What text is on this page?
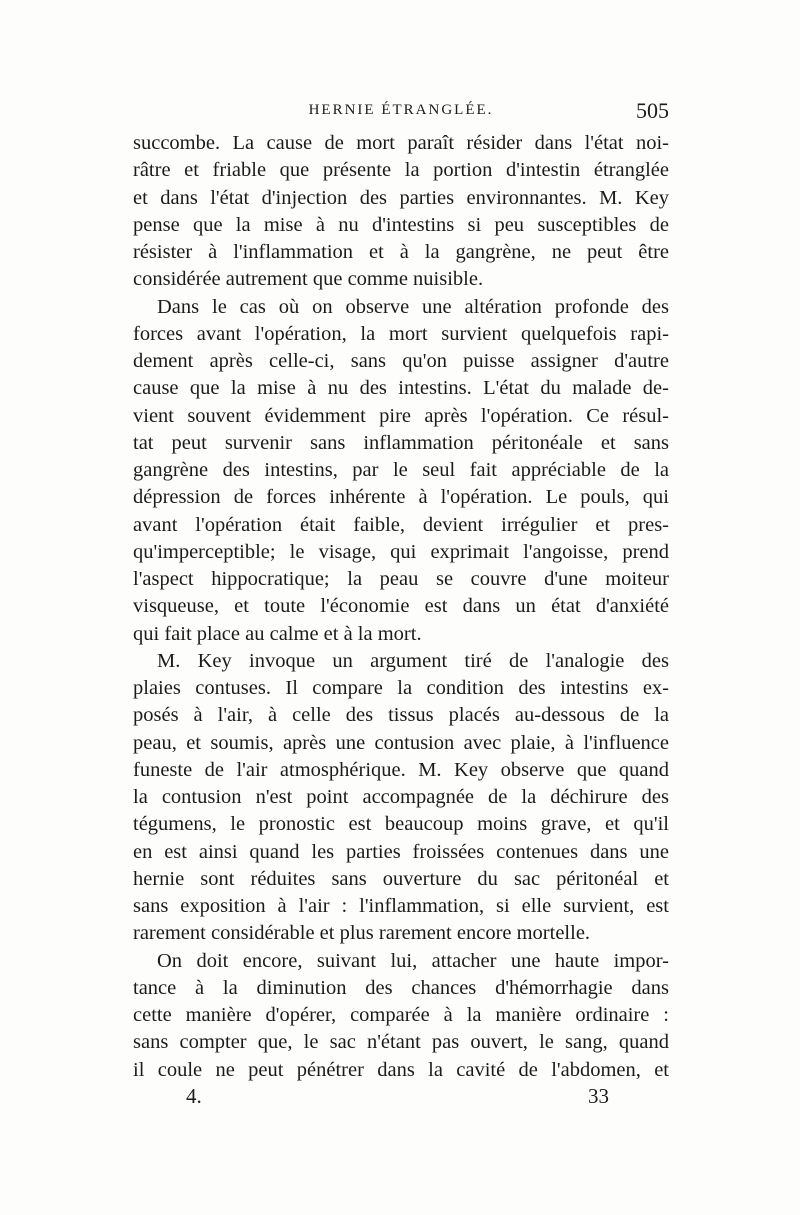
HERNIE ÉTRANGLÉE.	505
succombe. La cause de mort paraît résider dans l'état noi-
râtre et friable que présente la portion d'intestin étranglée
et dans l'état d'injection des parties environnantes. M. Key
pense que la mise à nu d'intestins si peu susceptibles de
résister à l'inflammation et à la gangrène, ne peut être
considérée autrement que comme nuisible.
Dans le cas où on observe une altération profonde des
forces avant l'opération, la mort survient quelquefois rapi-
dement après celle-ci, sans qu'on puisse assigner d'autre
cause que la mise à nu des intestins. L'état du malade de-
vient souvent évidemment pire après l'opération. Ce résul-
tat peut survenir sans inflammation péritonéale et sans
gangrène des intestins, par le seul fait appréciable de la
dépression de forces inhérente à l'opération. Le pouls, qui
avant l'opération était faible, devient irrégulier et pres-
qu'imperceptible; le visage, qui exprimait l'angoisse, prend
l'aspect hippocratique; la peau se couvre d'une moiteur
visqueuse, et toute l'économie est dans un état d'anxiété
qui fait place au calme et à la mort.
M. Key invoque un argument tiré de l'analogie des
plaies contuses. Il compare la condition des intestins ex-
posés à l'air, à celle des tissus placés au-dessous de la
peau, et soumis, après une contusion avec plaie, à l'influence
funeste de l'air atmosphérique. M. Key observe que quand
la contusion n'est point accompagnée de la déchirure des
tégumens, le pronostic est beaucoup moins grave, et qu'il
en est ainsi quand les parties froissées contenues dans une
hernie sont réduites sans ouverture du sac péritonéal et
sans exposition à l'air : l'inflammation, si elle survient, est
rarement considérable et plus rarement encore mortelle.
On doit encore, suivant lui, attacher une haute impor-
tance à la diminution des chances d'hémorrhagie dans
cette manière d'opérer, comparée à la manière ordinaire :
sans compter que, le sac n'étant pas ouvert, le sang, quand
il coule ne peut pénétrer dans la cavité de l'abdomen, et
4.	33
